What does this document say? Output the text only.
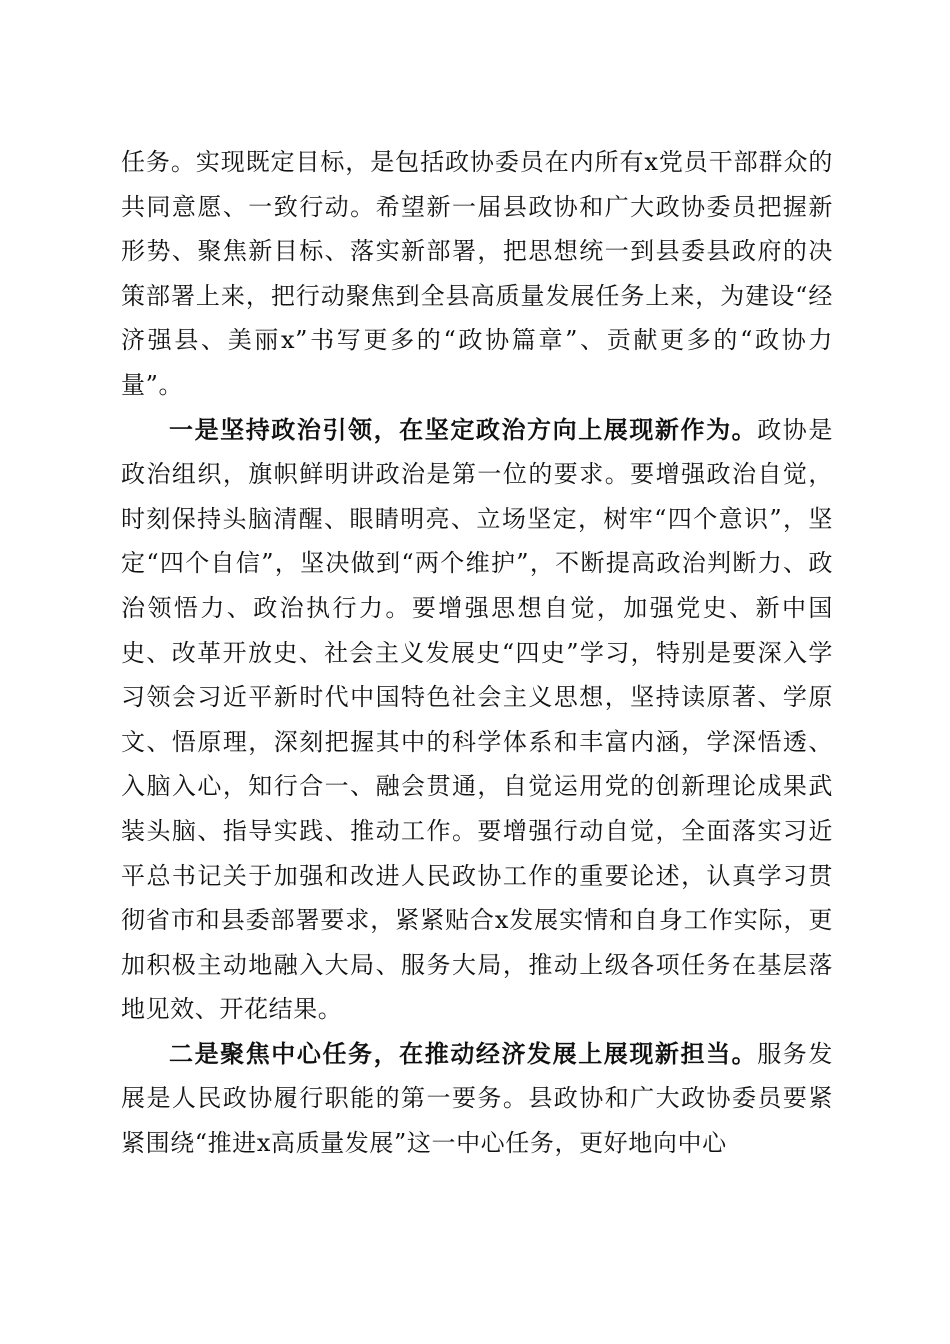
任务。实现既定目标，是包括政协委员在内所有x党员干部群众的共同意愿、一致行动。希望新一届县政协和广大政协委员把握新形势、聚焦新目标、落实新部署，把思想统一到县委县政府的决策部署上来，把行动聚焦到全县高质量发展任务上来，为建设“经济强县、美丽x”书写更多的“政协篇章”、贡献更多的“政协力量”。

一是坚持政治引领，在坚定政治方向上展现新作为。政协是政治组织，旗帜鲜明讲政治是第一位的要求。要增强政治自觉，时刻保持头脑清醒、眼睛明亮、立场坚定，树牢“四个意识”，坚定“四个自信”，坚决做到“两个维护”，不断提高政治判断力、政治领悟力、政治执行力。要增强思想自觉，加强党史、新中国史、改革开放史、社会主义发展史“四史”学习，特别是要深入学习领会习近平新时代中国特色社会主义思想，坚持读原著、学原文、悟原理，深刻把握其中的科学体系和丰富内涵，学深悟透、入脑入心，知行合一、融会贯通，自觉运用党的创新理论成果武装头脑、指导实践、推动工作。要增强行动自觉，全面落实习近平总书记关于加强和改进人民政协工作的重要论述，认真学习贯彻省市和县委部署要求，紧紧贴合x发展实情和自身工作实际，更加积极主动地融入大局、服务大局，推动上级各项任务在基层落地见效、开花结果。

二是聚焦中心任务，在推动经济发展上展现新担当。服务发展是人民政协履行职能的第一要务。县政协和广大政协委员要紧紧围绕“推进x高质量发展”这一中心任务，更好地向中心
